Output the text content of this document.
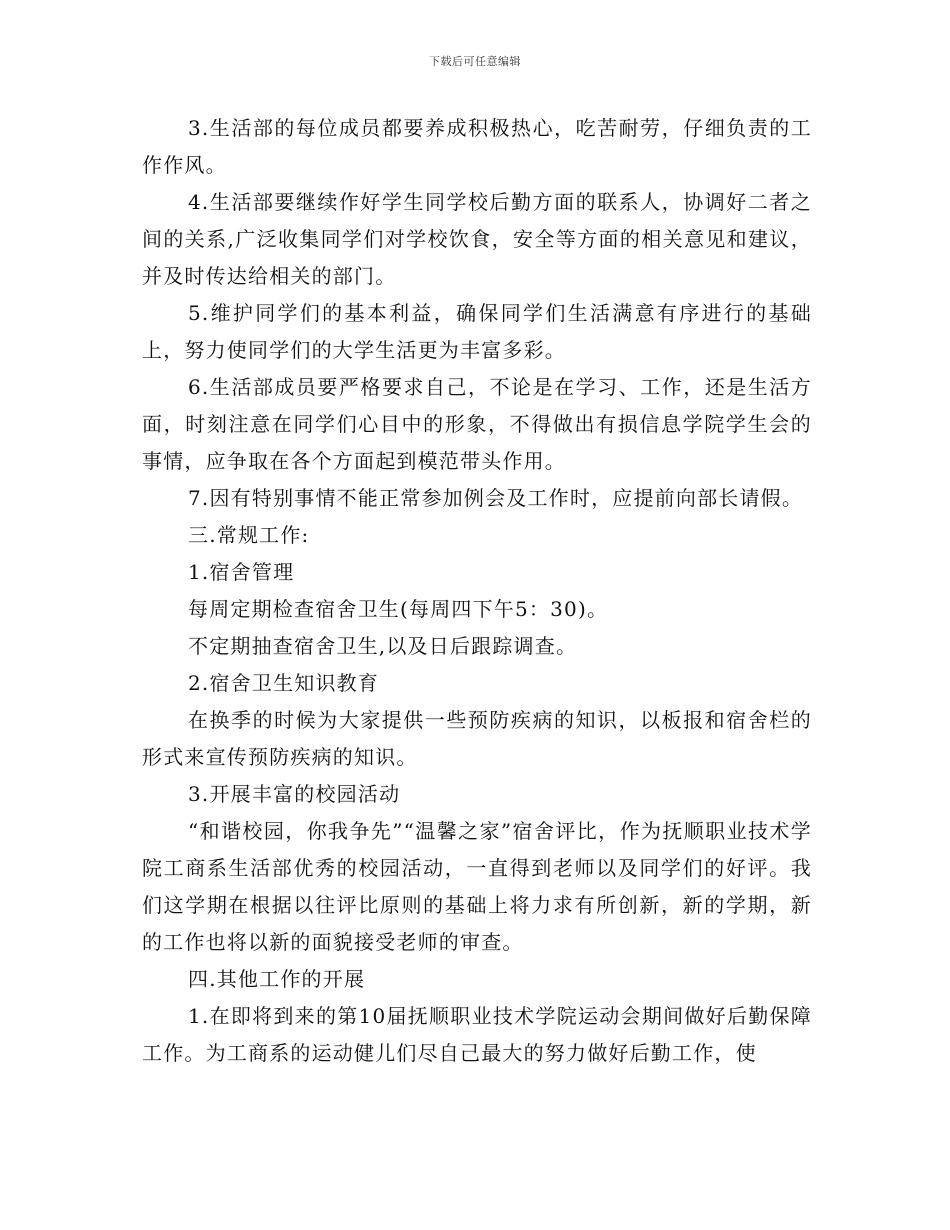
下载后可任意编辑

3.生活部的每位成员都要养成积极热心，吃苦耐劳，仔细负责的工作作风。

4.生活部要继续作好学生同学校后勤方面的联系人，协调好二者之间的关系,广泛收集同学们对学校饮食，安全等方面的相关意见和建议，并及时传达给相关的部门。

5.维护同学们的基本利益，确保同学们生活满意有序进行的基础上，努力使同学们的大学生活更为丰富多彩。

6.生活部成员要严格要求自己，不论是在学习、工作，还是生活方面，时刻注意在同学们心目中的形象，不得做出有损信息学院学生会的事情，应争取在各个方面起到模范带头作用。

7.因有特别事情不能正常参加例会及工作时，应提前向部长请假。

三.常规工作:

1.宿舍管理

每周定期检查宿舍卫生(每周四下午5：30)。

不定期抽查宿舍卫生,以及日后跟踪调查。

2.宿舍卫生知识教育

在换季的时候为大家提供一些预防疾病的知识，以板报和宿舍栏的形式来宣传预防疾病的知识。

3.开展丰富的校园活动

“和谐校园，你我争先”“温馨之家”宿舍评比，作为抚顺职业技术学院工商系生活部优秀的校园活动，一直得到老师以及同学们的好评。我们这学期在根据以往评比原则的基础上将力求有所创新，新的学期，新的工作也将以新的面貌接受老师的审查。

四.其他工作的开展

1.在即将到来的第10届抚顺职业技术学院运动会期间做好后勤保障工作。为工商系的运动健儿们尽自己最大的努力做好后勤工作，使
